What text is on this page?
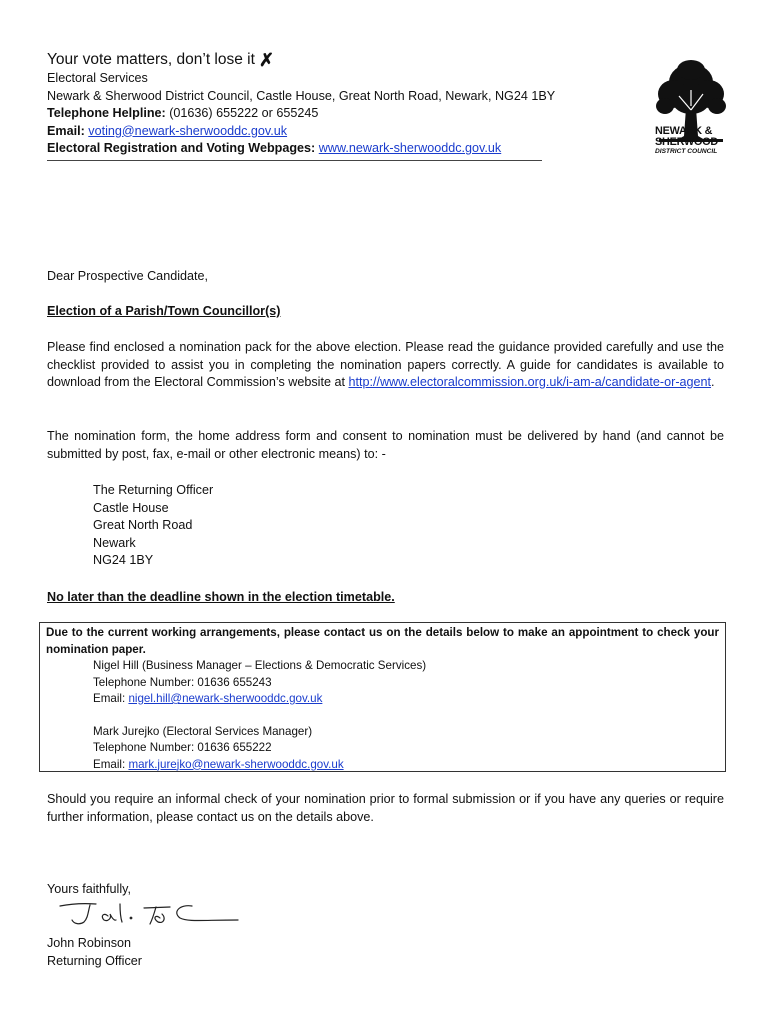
Your vote matters, don’t lose it ✗
Electoral Services
Newark & Sherwood District Council, Castle House, Great North Road, Newark, NG24 1BY
Telephone Helpline: (01636) 655222 or 655245
Email: voting@newark-sherwooddc.gov.uk
Electoral Registration and Voting Webpages: www.newark-sherwooddc.gov.uk
NEWARK &
SHERWOOD
DISTRICT COUNCIL
Dear Prospective Candidate,
Election of a Parish/Town Councillor(s)
Please find enclosed a nomination pack for the above election. Please read the guidance provided carefully and use the checklist provided to assist you in completing the nomination papers correctly. A guide for candidates is available to download from the Electoral Commission’s website at http://www.electoralcommission.org.uk/i-am-a/candidate-or-agent.
The nomination form, the home address form and consent to nomination must be delivered by hand (and cannot be submitted by post, fax, e-mail or other electronic means) to: -
The Returning Officer
Castle House
Great North Road
Newark
NG24 1BY
No later than the deadline shown in the election timetable.
Due to the current working arrangements, please contact us on the details below to make an appointment to check your nomination paper.
Nigel Hill (Business Manager – Elections & Democratic Services)
Telephone Number: 01636 655243
Email: nigel.hill@newark-sherwooddc.gov.uk
Mark Jurejko (Electoral Services Manager)
Telephone Number: 01636 655222
Email: mark.jurejko@newark-sherwooddc.gov.uk
Should you require an informal check of your nomination prior to formal submission or if you have any queries or require further information, please contact us on the details above.
Yours faithfully,
John Robinson
Returning Officer
